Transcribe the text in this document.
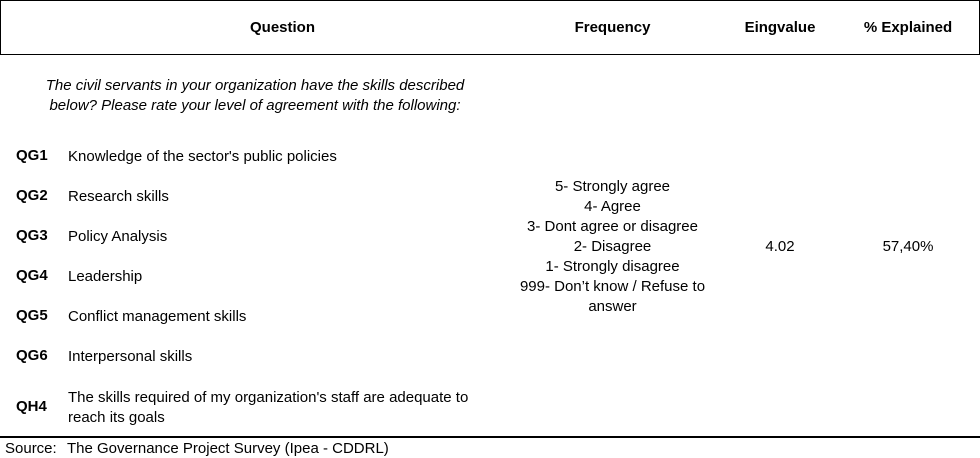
Question	Frequency	Eingvalue	% Explained
The civil servants in your organization have the skills described
below? Please rate your level of agreement with the following:
QG1 Knowledge of the sector's public policies
QG2 Research skills
QG3 Policy Analysis
QG4 Leadership
QG5 Conflict management skills
QG6 Interpersonal skills
QH4
The skills required of my organization's staff are adequate to reach its goals
5- Strongly agree
4- Agree
3- Dont agree or disagree
2- Disagree
1- Strongly disagree
999- Don’t know / Refuse to
answer
4.02	57,40%
Source: The Governance Project Survey (Ipea - CDDRL)
